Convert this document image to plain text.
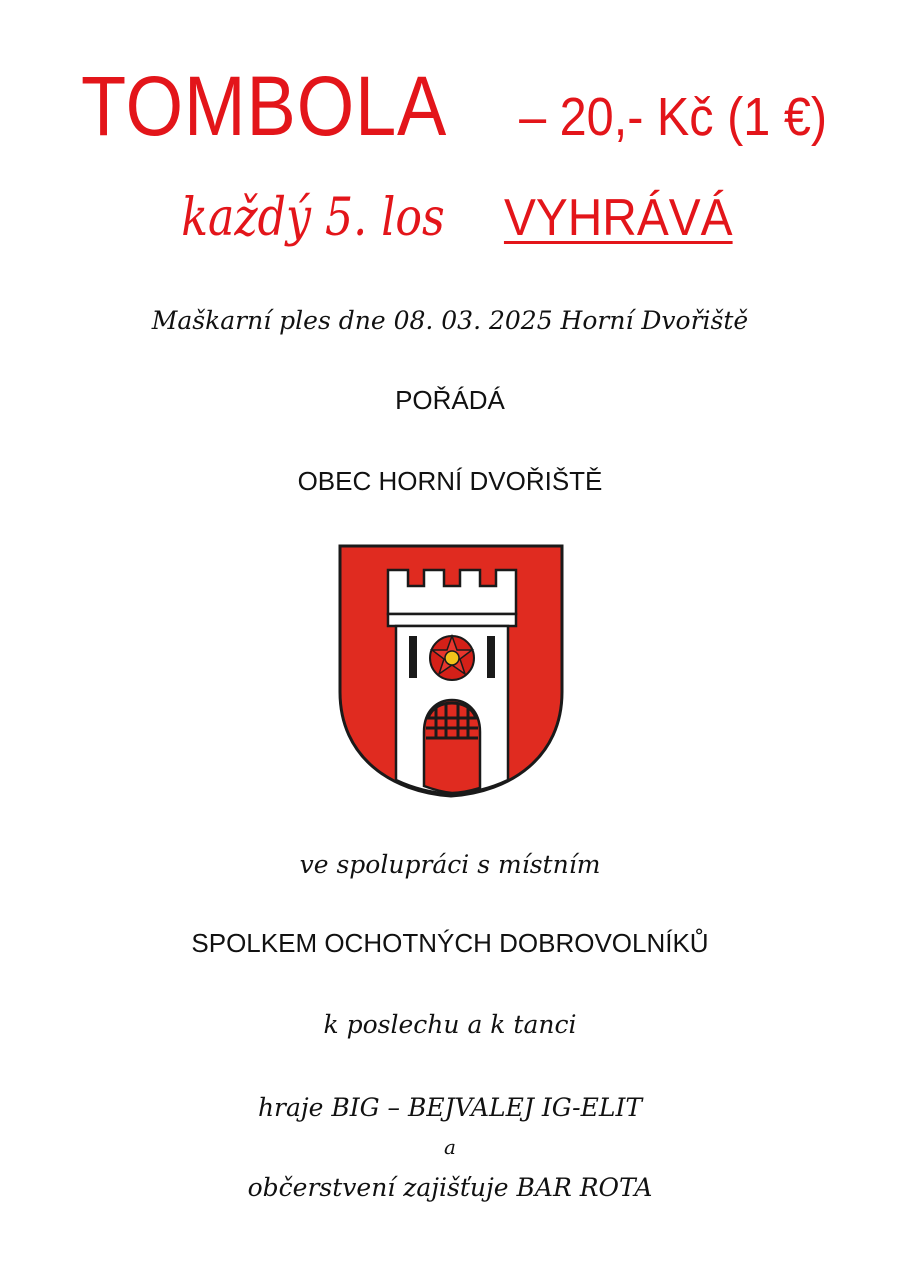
TOMBOLA – 20,- Kč (1 €)
každý 5. los VYHRÁVÁ
Maškarní ples dne 08. 03. 2025 Horní Dvořiště
POŘÁDÁ
OBEC HORNÍ DVOŘIŠTĚ
ve spolupráci s místním
SPOLKEM OCHOTNÝCH DOBROVOLNÍKŮ
k poslechu a k tanci
hraje BIG – BEJVALEJ IG-ELIT
a
občerstvení zajišťuje BAR ROTA
